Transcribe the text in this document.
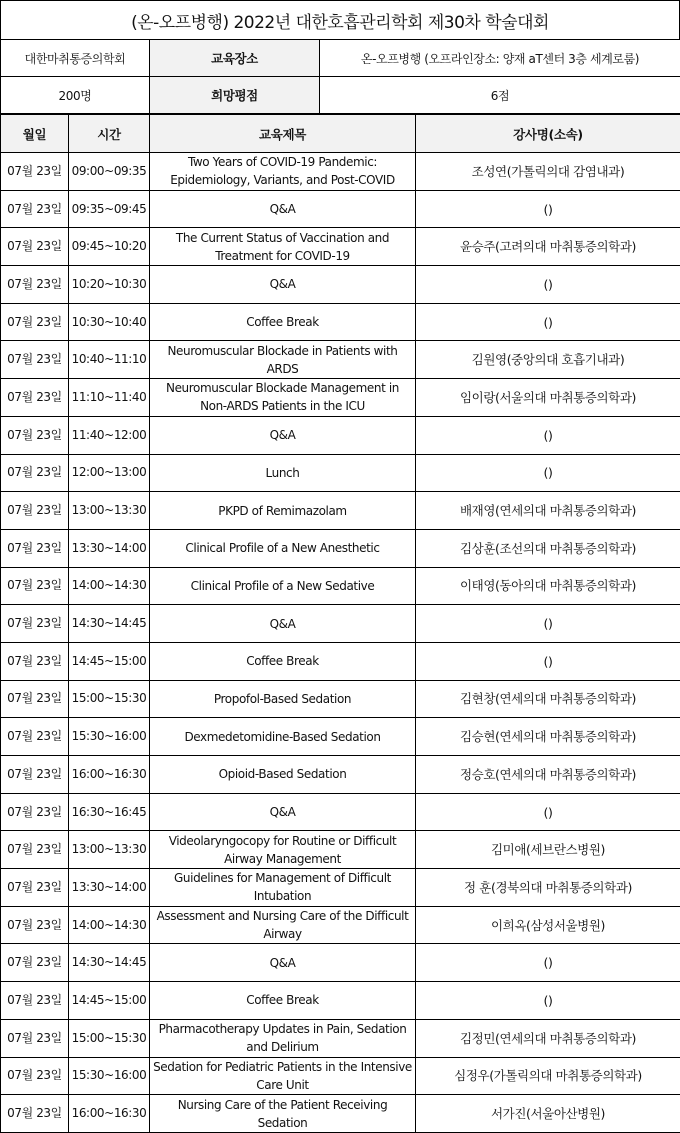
(온-오프병행) 2022년 대한호흡관리학회 제30차 학술대회
대한마취통증의학회	교육장소	온-오프병행 (오프라인장소: 양재 aT센터 3층 세계로룸)
200명	희망평점	6점
월일	시간	교육제목	강사명(소속)
07월 23일	09:00~09:35	Two Years of COVID-19 Pandemic: Epidemiology, Variants, and Post-COVID	조성연(가톨릭의대 감염내과)
07월 23일	09:35~09:45	Q&A	()
07월 23일	09:45~10:20	The Current Status of Vaccination and Treatment for COVID-19	윤승주(고려의대 마취통증의학과)
07월 23일	10:20~10:30	Q&A	()
07월 23일	10:30~10:40	Coffee Break	()
07월 23일	10:40~11:10	Neuromuscular Blockade in Patients with ARDS	김원영(중앙의대 호흡기내과)
07월 23일	11:10~11:40	Neuromuscular Blockade Management in Non-ARDS Patients in the ICU	임이랑(서울의대 마취통증의학과)
07월 23일	11:40~12:00	Q&A	()
07월 23일	12:00~13:00	Lunch	()
07월 23일	13:00~13:30	PKPD of Remimazolam	배재영(연세의대 마취통증의학과)
07월 23일	13:30~14:00	Clinical Profile of a New Anesthetic	김상훈(조선의대 마취통증의학과)
07월 23일	14:00~14:30	Clinical Profile of a New Sedative	이태영(동아의대 마취통증의학과)
07월 23일	14:30~14:45	Q&A	()
07월 23일	14:45~15:00	Coffee Break	()
07월 23일	15:00~15:30	Propofol-Based Sedation	김현창(연세의대 마취통증의학과)
07월 23일	15:30~16:00	Dexmedetomidine-Based Sedation	김승현(연세의대 마취통증의학과)
07월 23일	16:00~16:30	Opioid-Based Sedation	정승호(연세의대 마취통증의학과)
07월 23일	16:30~16:45	Q&A	()
07월 23일	13:00~13:30	Videolaryngocopy for Routine or Difficult Airway Management	김미애(세브란스병원)
07월 23일	13:30~14:00	Guidelines for Management of Difficult Intubation	정 훈(경북의대 마취통증의학과)
07월 23일	14:00~14:30	Assessment and Nursing Care of the Difficult Airway	이희옥(삼성서울병원)
07월 23일	14:30~14:45	Q&A	()
07월 23일	14:45~15:00	Coffee Break	()
07월 23일	15:00~15:30	Pharmacotherapy Updates in Pain, Sedation and Delirium	김정민(연세의대 마취통증의학과)
07월 23일	15:30~16:00	Sedation for Pediatric Patients in the Intensive Care Unit	심정우(가톨릭의대 마취통증의학과)
07월 23일	16:00~16:30	Nursing Care of the Patient Receiving Sedation	서가진(서울아산병원)
